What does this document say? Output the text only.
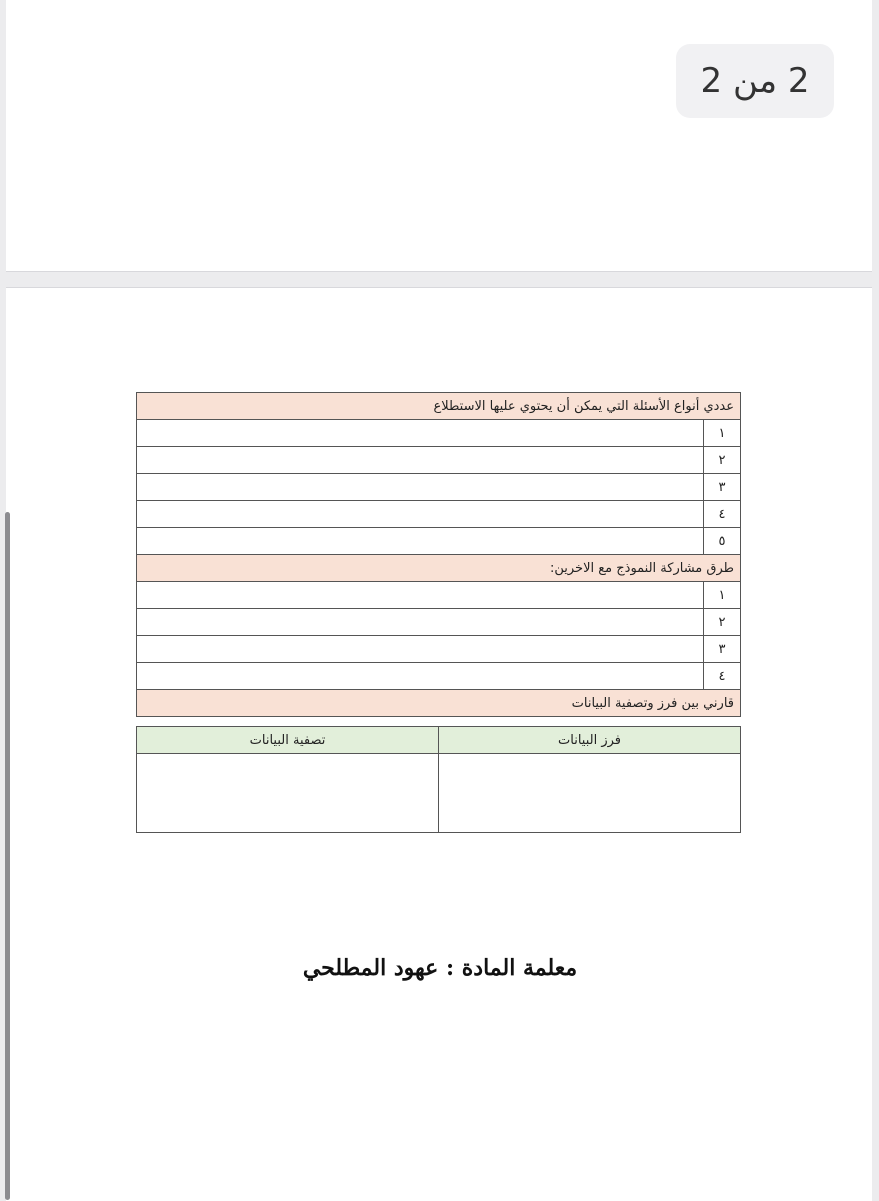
2 من 2
عددي أنواع الأسئلة التي يمكن أن يحتوي عليها الاستطلاع	
١	
٢	
٣	
٤	
٥	
طرق مشاركة النموذج مع الاخرين:	
١	
٢	
٣	
٤	
قارني بين فرز وتصفية البيانات	
فرز البيانات	تصفية البيانات

معلمة المادة : عهود المطلحي
